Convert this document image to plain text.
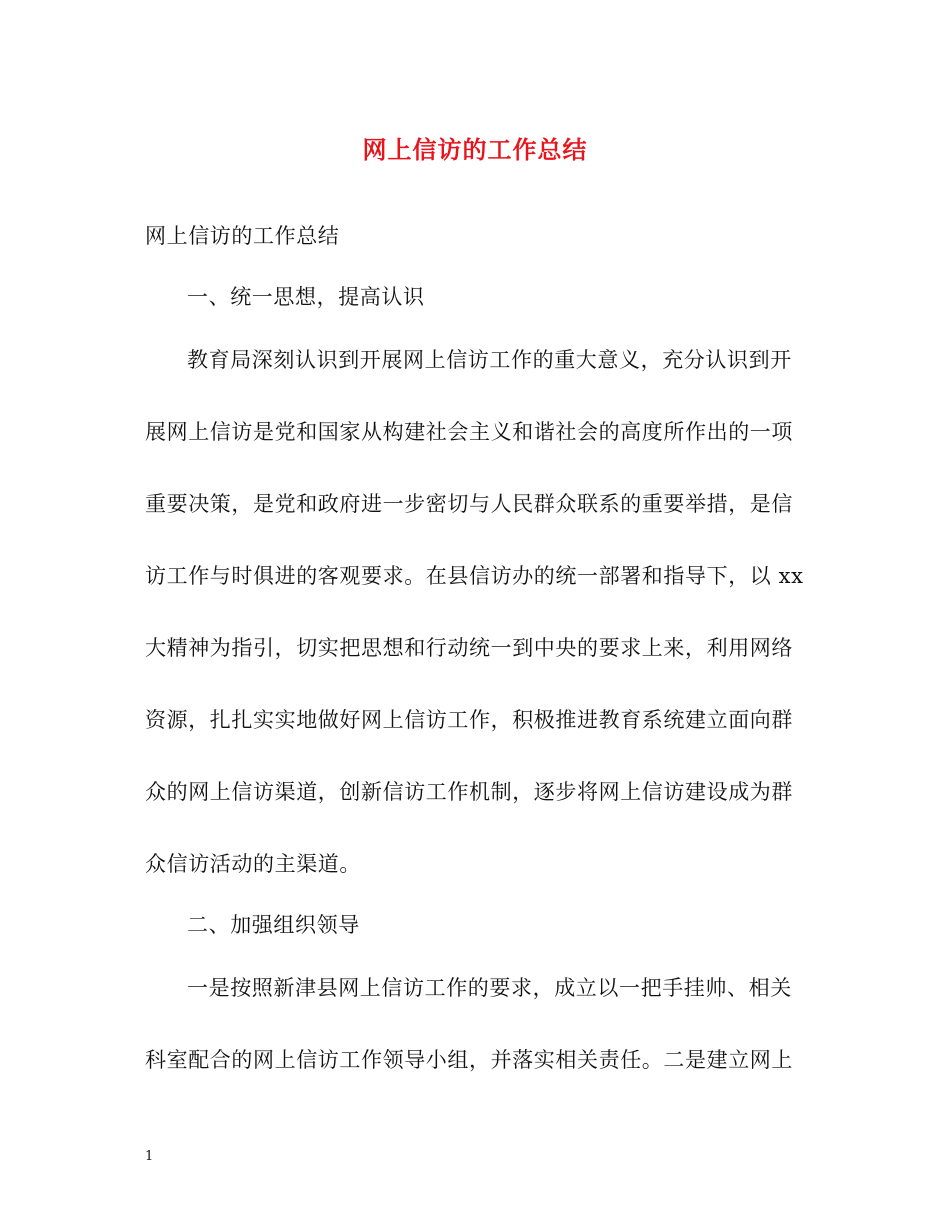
网上信访的工作总结
网上信访的工作总结
一、统一思想，提高认识
教育局深刻认识到开展网上信访工作的重大意义，充分认识到开
展网上信访是党和国家从构建社会主义和谐社会的高度所作出的一项
重要决策，是党和政府进一步密切与人民群众联系的重要举措，是信
访工作与时俱进的客观要求。在县信访办的统一部署和指导下，以 xx
大精神为指引，切实把思想和行动统一到中央的要求上来，利用网络
资源，扎扎实实地做好网上信访工作，积极推进教育系统建立面向群
众的网上信访渠道，创新信访工作机制，逐步将网上信访建设成为群
众信访活动的主渠道。
二、加强组织领导
一是按照新津县网上信访工作的要求，成立以一把手挂帅、相关
科室配合的网上信访工作领导小组，并落实相关责任。二是建立网上
1
